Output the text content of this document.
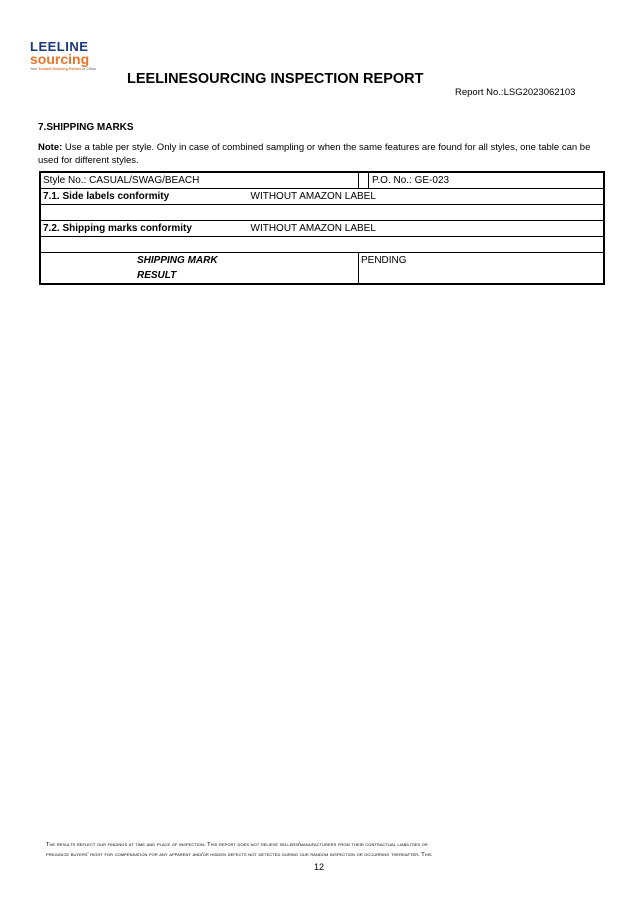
LEELINE
sourcing
Your Trusted Sourcing Partner in China
LEELINESOURCING INSPECTION REPORT
Report No.:LSG2023062103
7.SHIPPING MARKS
Note: Use a table per style. Only in case of combined sampling or when the same features are found for all styles, one table can be used for different styles.
Style No.: CASUAL/SWAG/BEACH	P.O. No.: GE-023
7.1. Side labels conformity	WITHOUT AMAZON LABEL

7.2. Shipping marks conformity	WITHOUT AMAZON LABEL

SHIPPING MARK
RESULT	PENDING
The results reflect our findings at time and place of inspection. This report does not relieve sellers/manufacturers from their contractual liabilities or
prejudice buyers' right for compensation for any apparent and/or hidden defects not detected during our random inspection or occurring thereafter. This
12
